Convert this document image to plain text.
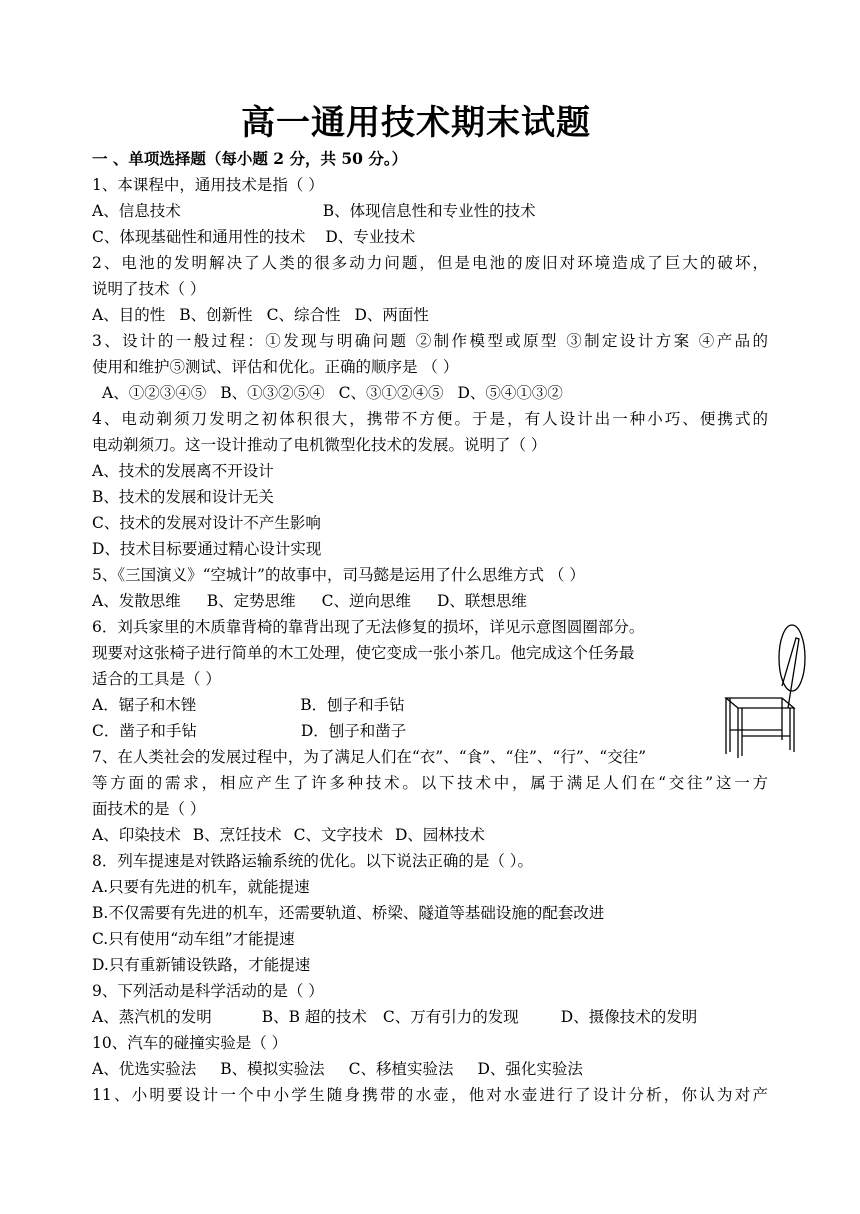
高一通用技术期末试题
一 、单项选择题（每小题 2 分，共 50 分。）
1、本课程中，通用技术是指（ ）
A、信息技术	B、体现信息性和专业性的技术
C、体现基础性和通用性的技术 D、专业技术
2、电池的发明解决了人类的很多动力问题，但是电池的废旧对环境造成了巨大的破坏，
说明了技术（ ）
A、目的性 B、创新性 C、综合性 D、两面性
3、设计的一般过程：①发现与明确问题 ②制作模型或原型 ③制定设计方案 ④产品的
使用和维护⑤测试、评估和优化。正确的顺序是 （ ）
A、①②③④⑤ B、①③②⑤④ C、③①②④⑤ D、⑤④①③②
4、电动剃须刀发明之初体积很大，携带不方便。于是，有人设计出一种小巧、便携式的
电动剃须刀。这一设计推动了电机微型化技术的发展。说明了（ ）
A、技术的发展离不开设计
B、技术的发展和设计无关
C、技术的发展对设计不产生影响
D、技术目标要通过精心设计实现
5、《三国演义》“空城计”的故事中，司马懿是运用了什么思维方式 （ ）
A、发散思维 B、定势思维 C、逆向思维 D、联想思维
6．刘兵家里的木质靠背椅的靠背出现了无法修复的损坏，详见示意图圆圈部分。
现要对这张椅子进行简单的木工处理，使它变成一张小茶几。他完成这个任务最
适合的工具是（ ）
A．锯子和木锉	B．刨子和手钻
C．凿子和手钻	D．刨子和凿子
7、在人类社会的发展过程中，为了满足人们在“衣”、“食”、“住”、“行”、“交往”
等方面的需求，相应产生了许多种技术。以下技术中，属于满足人们在“交往”这一方
面技术的是（ ）
A、印染技术 B、烹饪技术 C、文字技术 D、园林技术
8．列车提速是对铁路运输系统的优化。以下说法正确的是（ ）。
A.只要有先进的机车，就能提速
B.不仅需要有先进的机车，还需要轨道、桥梁、隧道等基础设施的配套改进
C.只有使用“动车组”才能提速
D.只有重新铺设铁路，才能提速
9、下列活动是科学活动的是（ ）
A、蒸汽机的发明	B、B 超的技术 C、万有引力的发现	D、摄像技术的发明
10、汽车的碰撞实验是（ ）
A、优选实验法 B、模拟实验法 C、移植实验法 D、强化实验法
11、小明要设计一个中小学生随身携带的水壶，他对水壶进行了设计分析，你认为对产
